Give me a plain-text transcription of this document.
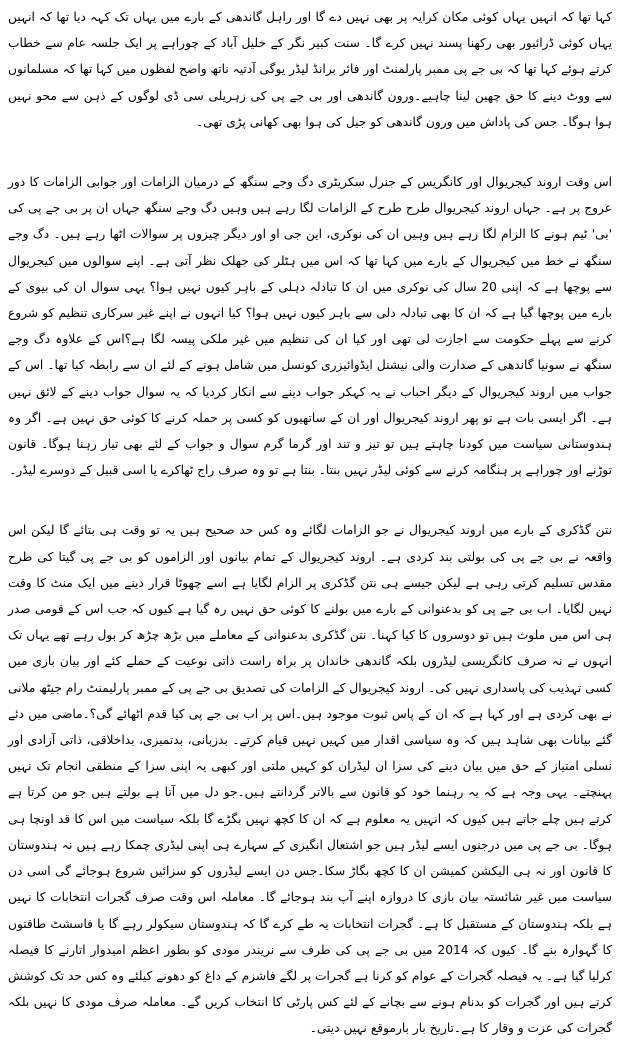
کہا تھا کہ انہیں یہاں کوئی مکان کرایہ پر بھی نہیں دے گا اور راہل گاندھی کے بارے میں یہاں تک کہہ دیا تھا کہ انہیں یہاں کوئی ڈرائیور بھی رکھنا پسند نہیں کرے گا۔ سنت کبیر نگر کے خلیل آباد کے چوراہے پر ایک جلسہ عام سے خطاب کرتے ہوئے کہا تھا کہ بی جے پی ممبر پارلمنٹ اور فائر برانڈ لیڈر یوگی آدتیہ ناتھ واضح لفظوں میں کہا تھا کہ مسلمانوں سے ووٹ دینے کا حق چھین لینا چاہیے۔ورون گاندھی اور بی جے پی کی زہریلی سی ڈی لوگوں کے ذہن سے محو نہیں ہوا ہوگا۔ جس کی پاداش میں ورون گاندھی کو جیل کی ہوا بھی کھانی پڑی تھی۔

اس وقت اروند کیجریوال اور کانگریس کے جنرل سکریٹری دگ وجے سنگھ کے درمیان الزامات اور جوابی الزامات کا دور عروج پر ہے۔ جہاں اروند کیجریوال طرح طرح کے الزامات لگا رہے ہیں وہیں دگ وجے سنگھ جہاں ان پر بی جے پی کی 'بی' ٹیم ہونے کا الزام لگا رہے ہیں وہیں ان کی نوکری، این جی او اور دیگر چیزوں پر سوالات اٹھا رہے ہیں۔ دگ وجے سنگھ نے خط میں کیجریوال کے بارے میں کہا تھا کہ اس میں ہٹلر کی جھلک نظر آتی ہے۔ اپنے سوالوں میں کیجریوال سے پوچھا ہے کہ اپنی 20 سال کی نوکری میں ان کا تبادلہ دہلی کے باہر کیوں نہیں ہوا؟ یہی سوال ان کی بیوی کے بارے میں پوچھا گیا ہے کہ ان کا بھی تبادلہ دلی سے باہر کیوں نہیں ہوا؟ کیا انہوں نے اپنے غیر سرکاری تنظیم کو شروع کرنے سے پہلے حکومت سے اجازت لی تھی اور کیا ان کی تنظیم میں غیر ملکی پیسہ لگا ہے؟اس کے علاوہ دگ وجے سنگھ نے سونیا گاندھی کے صدارت والی نیشنل ایڈوائیزری کونسل میں شامل ہونے کے لئے ان سے رابطہ کیا تھا۔ اس کے جواب میں اروند کیجریوال کے دیگر احباب نے یہ کہکر جواب دینے سے انکار کردیا کہ یہ سوال جواب دینے کے لائق نہیں ہے۔ اگر ایسی بات ہے تو پھر اروند کیجریوال اور ان کے ساتھیوں کو کسی پر حملہ کرنے کا کوئی حق نہیں ہے۔ اگر وہ ہندوستانی سیاست میں کودنا چاہتے ہیں تو تیز و تند اور گرما گرم سوال و جواب کے لئے بھی تیار رہنا ہوگا۔ قانون توڑنے اور چوراہے پر ہنگامہ کرنے سے کوئی لیڈر نہیں بنتا۔ بنتا ہے تو وہ صرف راج ٹھاکرے یا اسی قبیل کے دوسرے لیڈر۔

نتن گڈکری کے بارے میں اروند کیجریوال نے جو الزامات لگائے وہ کس حد صحیح ہیں یہ تو وقت ہی بتائے گا لیکن اس واقعہ نے بی جے پی کی بولتی بند کردی ہے۔ اروند کیجریوال کے تمام بیانوں اور الزاموں کو بی جے پی گیتا کی طرح مقدس تسلیم کرتی رہی ہے لیکن جیسے ہی نتن گڈکری پر الزام لگایا ہے اسے چھوٹا قرار دینے میں ایک منٹ کا وقت نہیں لگایا۔ اب بی جے پی کو بدعنوانی کے بارے میں بولنے کا کوئی حق نہیں رہ گیا ہے کیوں کہ جب اس کے قومی صدر ہی اس میں ملوث ہیں تو دوسروں کا کیا کہنا۔ نتن گڈکری بدعنوانی کے معاملے میں بڑھ چڑھ کر بول رہے تھے یہاں تک انہوں نے نہ صرف کانگریسی لیڈروں بلکہ گاندھی خاندان پر براہ راست ذاتی نوعیت کے حملے کئے اور بیان بازی میں کسی تہذیب کی پاسداری نہیں کی۔ اروند کیجریوال کے الزامات کی تصدیق بی جے پی کے ممبر پارلیمنٹ رام جیٹھ ملانی نے بھی کردی ہے اور کہا ہے کہ ان کے پاس ثبوت موجود ہیں۔اس پر اب بی جے پی کیا قدم اٹھائے گی؟۔ماضی میں دئے گئے بیانات بھی شاہد ہیں کہ وہ سیاسی اقدار میں کہیں نہیں قیام کرتے۔ بدزبانی، بدتمیزی، بداخلاقی، ذاتی آزادی اور نسلی امتیاز کے حق میں بیان دینے کی سزا ان لیڈران کو کہیں ملتی اور کبھی یہ اپنی سزا کے منطقی انجام تک نہیں پہنچتے۔ یہی وجہ ہے کہ یہ رہنما خود کو قانون سے بالاتر گردانتے ہیں۔جو دل میں آتا ہے بولتے ہیں جو من کرتا ہے کرتے ہیں چلے جاتے ہیں کیوں کہ انہیں یہ معلوم ہے کہ ان کا کچھ نہیں بگڑے گا بلکہ سیاست میں اس کا قد اونچا ہی ہوگا۔ بی جے پی میں درجنوں ایسے لیڈر ہیں جو اشتعال انگیزی کے سہارے ہی اپنی لیڈری چمکا رہے ہیں نہ ہندوستان کا قانون اور نہ ہی الیکشن کمیشن ان کا کچھ بگاڑ سکا۔جس دن ایسے لیڈروں کو سزائیں شروع ہوجائے گی اسی دن سیاست میں غیر شائستہ بیان بازی کا دروازہ اپنے آپ بند ہوجائے گا۔ معاملہ اس وقت صرف گجرات انتخابات کا نہیں ہے بلکہ ہندوستان کے مستقبل کا ہے۔ گجرات انتخابات یہ طے کرے گا کہ ہندوستان سیکولر رہے گا یا فاسشٹ طاقتوں کا گہوارہ بنے گا۔ کیوں کہ 2014 میں بی جے پی کی طرف سے نریندر مودی کو بطور اعظم امیدوار اتارنے کا فیصلہ کرلیا گیا ہے۔ یہ فیصلہ گجرات کے عوام کو کرنا ہے گجرات پر لگے فاشزم کے داغ کو دھونے کیلئے وہ کس حد تک کوشش کرتے ہیں اور گجرات کو بدنام ہونے سے بچانے کے لئے کس پارٹی کا انتخاب کریں گے۔ معاملہ صرف مودی کا نہیں بلکہ گجرات کی عزت و وقار کا ہے۔تاریخ بار بارموقع نہیں دیتی۔
